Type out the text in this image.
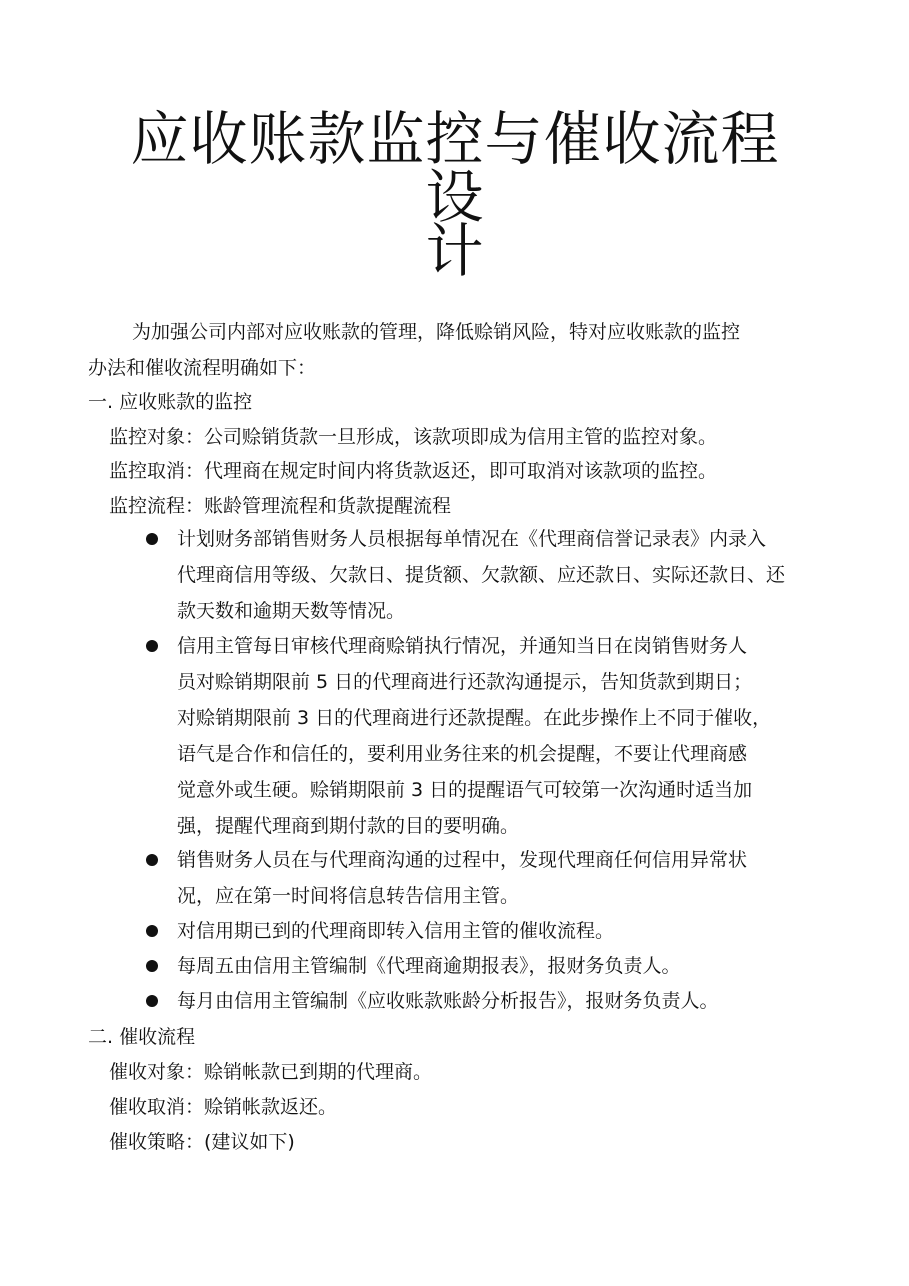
应收账款监控与催收流程设
计
为加强公司内部对应收账款的管理，降低赊销风险，特对应收账款的监控
办法和催收流程明确如下：
一. 应收账款的监控
监控对象：公司赊销货款一旦形成，该款项即成为信用主管的监控对象。
监控取消：代理商在规定时间内将货款返还，即可取消对该款项的监控。
监控流程：账龄管理流程和货款提醒流程
计划财务部销售财务人员根据每单情况在《代理商信誉记录表》内录入
代理商信用等级、欠款日、提货额、欠款额、应还款日、实际还款日、还
款天数和逾期天数等情况。
信用主管每日审核代理商赊销执行情况，并通知当日在岗销售财务人
员对赊销期限前 5 日的代理商进行还款沟通提示，告知货款到期日；
对赊销期限前 3 日的代理商进行还款提醒。在此步操作上不同于催收，
语气是合作和信任的，要利用业务往来的机会提醒，不要让代理商感
觉意外或生硬。赊销期限前 3 日的提醒语气可较第一次沟通时适当加
强，提醒代理商到期付款的目的要明确。
销售财务人员在与代理商沟通的过程中，发现代理商任何信用异常状
况，应在第一时间将信息转告信用主管。
对信用期已到的代理商即转入信用主管的催收流程。
每周五由信用主管编制《代理商逾期报表》，报财务负责人。
每月由信用主管编制《应收账款账龄分析报告》，报财务负责人。
二. 催收流程
催收对象：赊销帐款已到期的代理商。
催收取消：赊销帐款返还。
催收策略：(建议如下)
